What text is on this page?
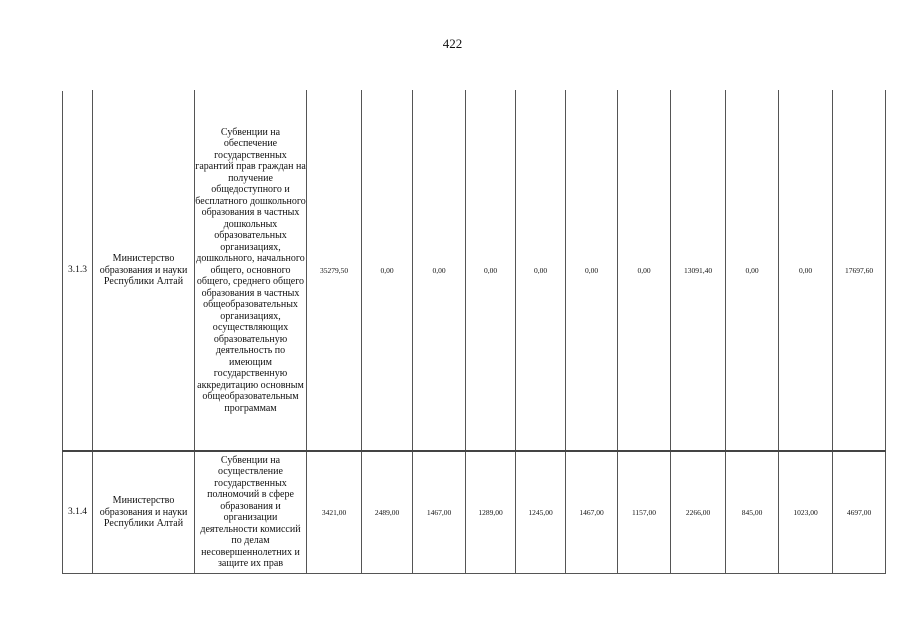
422
3.1.3	Министерство образования и науки Республики Алтай	Субвенции на обеспечение государственных гарантий прав граждан на получение общедоступного и бесплатного дошкольного образования в частных дошкольных образовательных организациях, дошкольного, начального общего, основного общего, среднего общего образования в частных общеобразовательных организациях, осуществляющих образовательную деятельность по имеющим государственную аккредитацию основным общеобразовательным программам	35279,50	0,00	0,00	0,00	0,00	0,00	0,00	13091,40	0,00	0,00	17697,60
3.1.4	Министерство образования и науки Республики Алтай	Субвенции на осуществление государственных полномочий в сфере образования и организации деятельности комиссий по делам несовершеннолетних и защите их прав	3421,00	2489,00	1467,00	1289,00	1245,00	1467,00	1157,00	2266,00	845,00	1023,00	4697,00
